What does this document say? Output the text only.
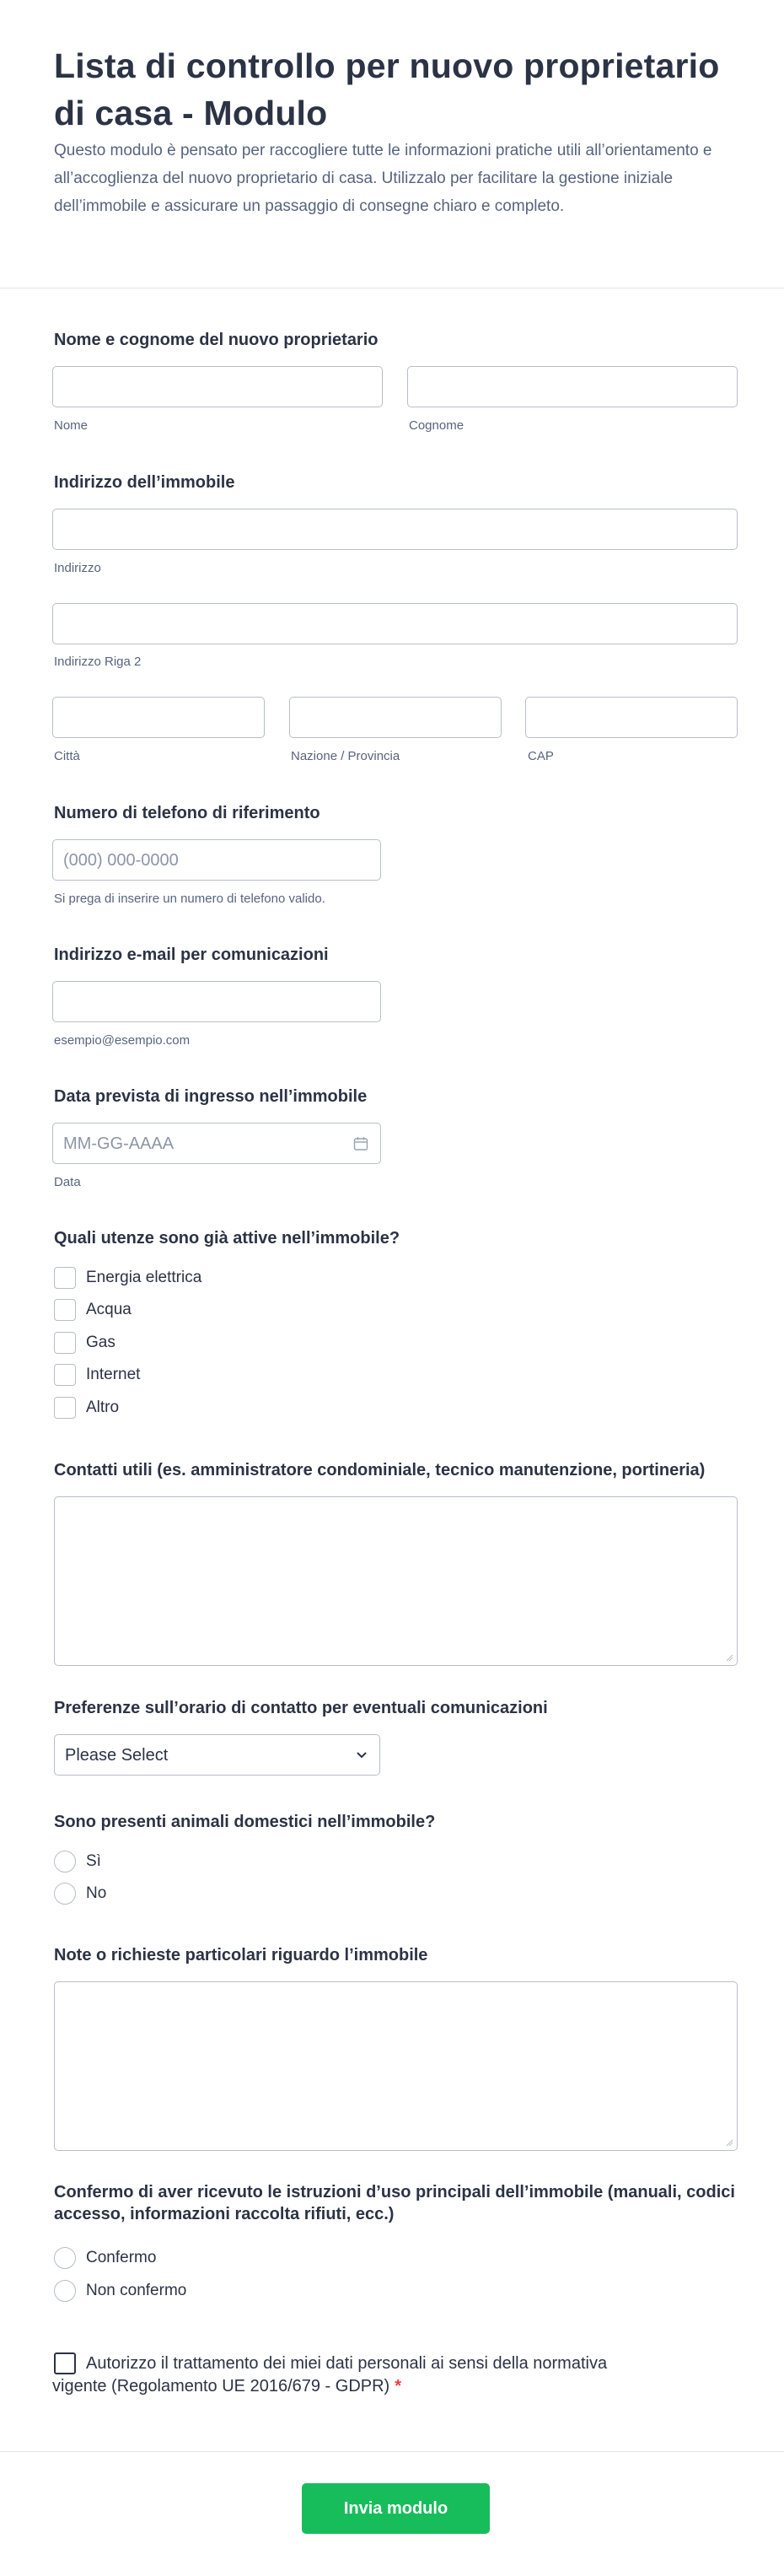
Lista di controllo per nuovo proprietario di casa - Modulo

Questo modulo è pensato per raccogliere tutte le informazioni pratiche utili all’orientamento e all’accoglienza del nuovo proprietario di casa. Utilizzalo per facilitare la gestione iniziale dell’immobile e assicurare un passaggio di consegne chiaro e completo.

Nome e cognome del nuovo proprietario
Nome	Cognome
Indirizzo dell’immobile
Indirizzo
Indirizzo Riga 2
Città	Nazione / Provincia	CAP
Numero di telefono di riferimento
(000) 000-0000
Si prega di inserire un numero di telefono valido.
Indirizzo e-mail per comunicazioni
esempio@esempio.com
Data prevista di ingresso nell’immobile
MM-GG-AAAA
Data
Quali utenze sono già attive nell’immobile?
Energia elettrica
Acqua
Gas
Internet
Altro
Contatti utili (es. amministratore condominiale, tecnico manutenzione, portineria)
Preferenze sull’orario di contatto per eventuali comunicazioni
Please Select
Sono presenti animali domestici nell’immobile?
Sì
No
Note o richieste particolari riguardo l’immobile
Confermo di aver ricevuto le istruzioni d’uso principali dell’immobile (manuali, codici
accesso, informazioni raccolta rifiuti, ecc.)
Confermo
Non confermo
Autorizzo il trattamento dei miei dati personali ai sensi della normativa
vigente (Regolamento UE 2016/679 - GDPR) *
Invia modulo
